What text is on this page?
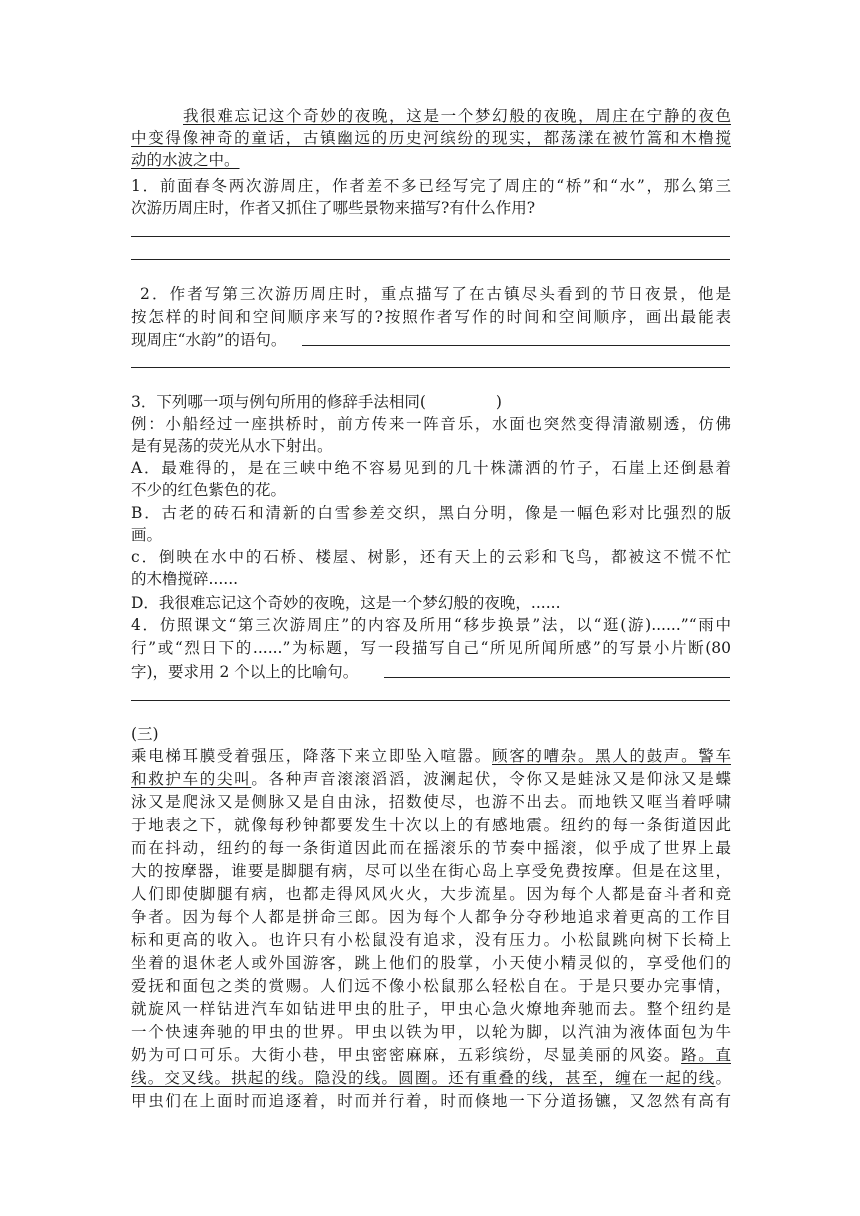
我很难忘记这个奇妙的夜晚，这是一个梦幻般的夜晚，周庄在宁静的夜色
中变得像神奇的童话，古镇幽远的历史河缤纷的现实，都荡漾在被竹篙和木橹搅
动的水波之中。
1．前面春冬两次游周庄，作者差不多已经写完了周庄的“桥”和“水”，那么第三
次游历周庄时，作者又抓住了哪些景物来描写?有什么作用?
2．作者写第三次游历周庄时，重点描写了在古镇尽头看到的节日夜景，他是
按怎样的时间和空间顺序来写的?按照作者写作的时间和空间顺序，画出最能表
现周庄“水韵”的语句。
3．下列哪一项与例句所用的修辞手法相同(	)
例：小船经过一座拱桥时，前方传来一阵音乐，水面也突然变得清澈剔透，仿佛
是有晃荡的荧光从水下射出。
A．最难得的，是在三峡中绝不容易见到的几十株潇洒的竹子，石崖上还倒悬着
不少的红色紫色的花。
B．古老的砖石和清新的白雪参差交织，黑白分明，像是一幅色彩对比强烈的版
画。
c．倒映在水中的石桥、楼屋、树影，还有天上的云彩和飞鸟，都被这不慌不忙
的木橹搅碎......
D．我很难忘记这个奇妙的夜晚，这是一个梦幻般的夜晚，......
4．仿照课文“第三次游周庄”的内容及所用“移步换景”法，以“逛(游)......”“雨中
行”或“烈日下的......”为标题，写一段描写自己“所见所闻所感”的写景小片断(80
字)，要求用 2 个以上的比喻句。
(三)
乘电梯耳膜受着强压，降落下来立即坠入喧嚣。顾客的嘈杂。黑人的鼓声。警车
和救护车的尖叫。各种声音滚滚滔滔，波澜起伏，令你又是蛙泳又是仰泳又是蝶
泳又是爬泳又是侧脉又是自由泳，招数使尽，也游不出去。而地铁又哐当着呼啸
于地表之下，就像每秒钟都要发生十次以上的有感地震。纽约的每一条街道因此
而在抖动，纽约的每一条街道因此而在摇滚乐的节奏中摇滚，似乎成了世界上最
大的按摩器，谁要是脚腿有病，尽可以坐在街心岛上享受免费按摩。但是在这里，
人们即使脚腿有病，也都走得风风火火，大步流星。因为每个人都是奋斗者和竞
争者。因为每个人都是拼命三郎。因为每个人都争分夺秒地追求着更高的工作目
标和更高的收入。也许只有小松鼠没有追求，没有压力。小松鼠跳向树下长椅上
坐着的退休老人或外国游客，跳上他们的股掌，小天使小精灵似的，享受他们的
爱抚和面包之类的赏赐。人们远不像小松鼠那么轻松自在。于是只要办完事情，
就旋风一样钻进汽车如钻进甲虫的肚子，甲虫心急火燎地奔驰而去。整个纽约是
一个快速奔驰的甲虫的世界。甲虫以铁为甲，以轮为脚，以汽油为液体面包为牛
奶为可口可乐。大街小巷，甲虫密密麻麻，五彩缤纷，尽显美丽的风姿。路。直
线。交叉线。拱起的线。隐没的线。圆圈。还有重叠的线，甚至，缠在一起的线。
甲虫们在上面时而追逐着，时而并行着，时而倏地一下分道扬镳，又忽然有高有
